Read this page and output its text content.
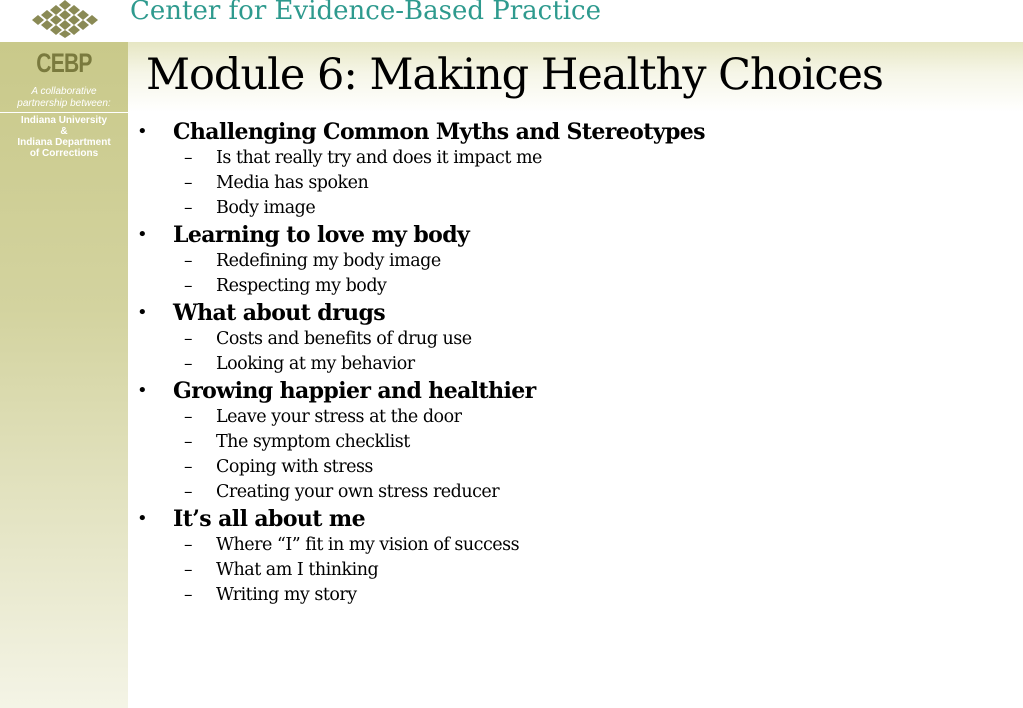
Center for Evidence-Based Practice
CEBP
A collaborative
partnership between:
Indiana University
&
Indiana Department
of Corrections
Module 6: Making Healthy Choices
•	Challenging Common Myths and Stereotypes
– Is that really try and does it impact me
– Media has spoken
– Body image
•	Learning to love my body
– Redefining my body image
– Respecting my body
•	What about drugs
– Costs and benefits of drug use
– Looking at my behavior
•	Growing happier and healthier
– Leave your stress at the door
– The symptom checklist
– Coping with stress
– Creating your own stress reducer
•	It’s all about me
– Where “I” fit in my vision of success
– What am I thinking
– Writing my story
